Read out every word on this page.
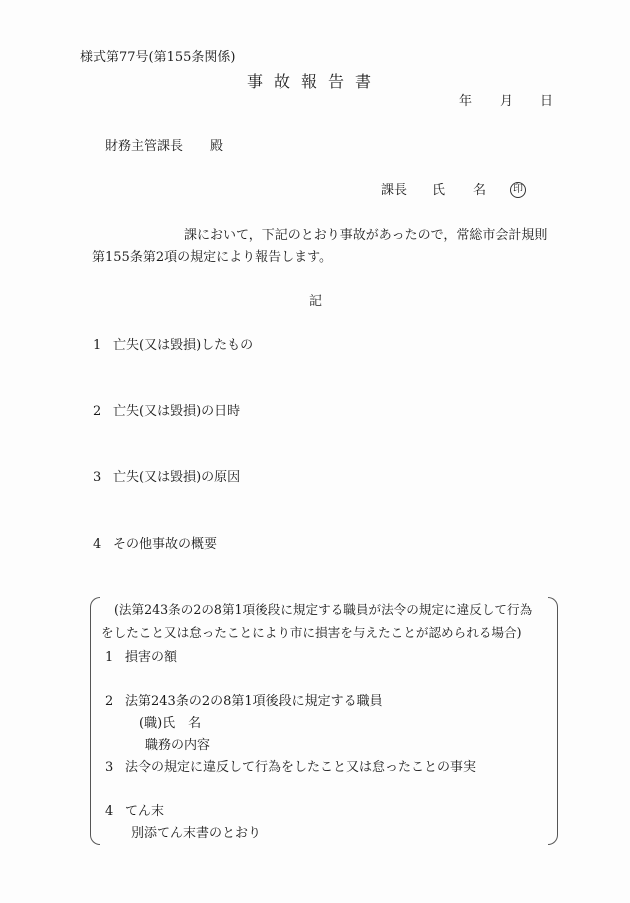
様式第77号(第155条関係)
事故報告書
年 月 日
財務主管課長 殿
課長 氏 名	印
課において，下記のとおり事故があったので，常総市会計規則
第155条第2項の規定により報告します。
記
1 亡失(又は毀損)したもの
2 亡失(又は毀損)の日時
3 亡失(又は毀損)の原因
4 その他事故の概要
(法第243条の2の8第1項後段に規定する職員が法令の規定に違反して行為
をしたこと又は怠ったことにより市に損害を与えたことが認められる場合)
1 損害の額
2 法第243条の2の8第1項後段に規定する職員
(職)氏　名
職務の内容
3 法令の規定に違反して行為をしたこと又は怠ったことの事実
4 てん末
別添てん末書のとおり
